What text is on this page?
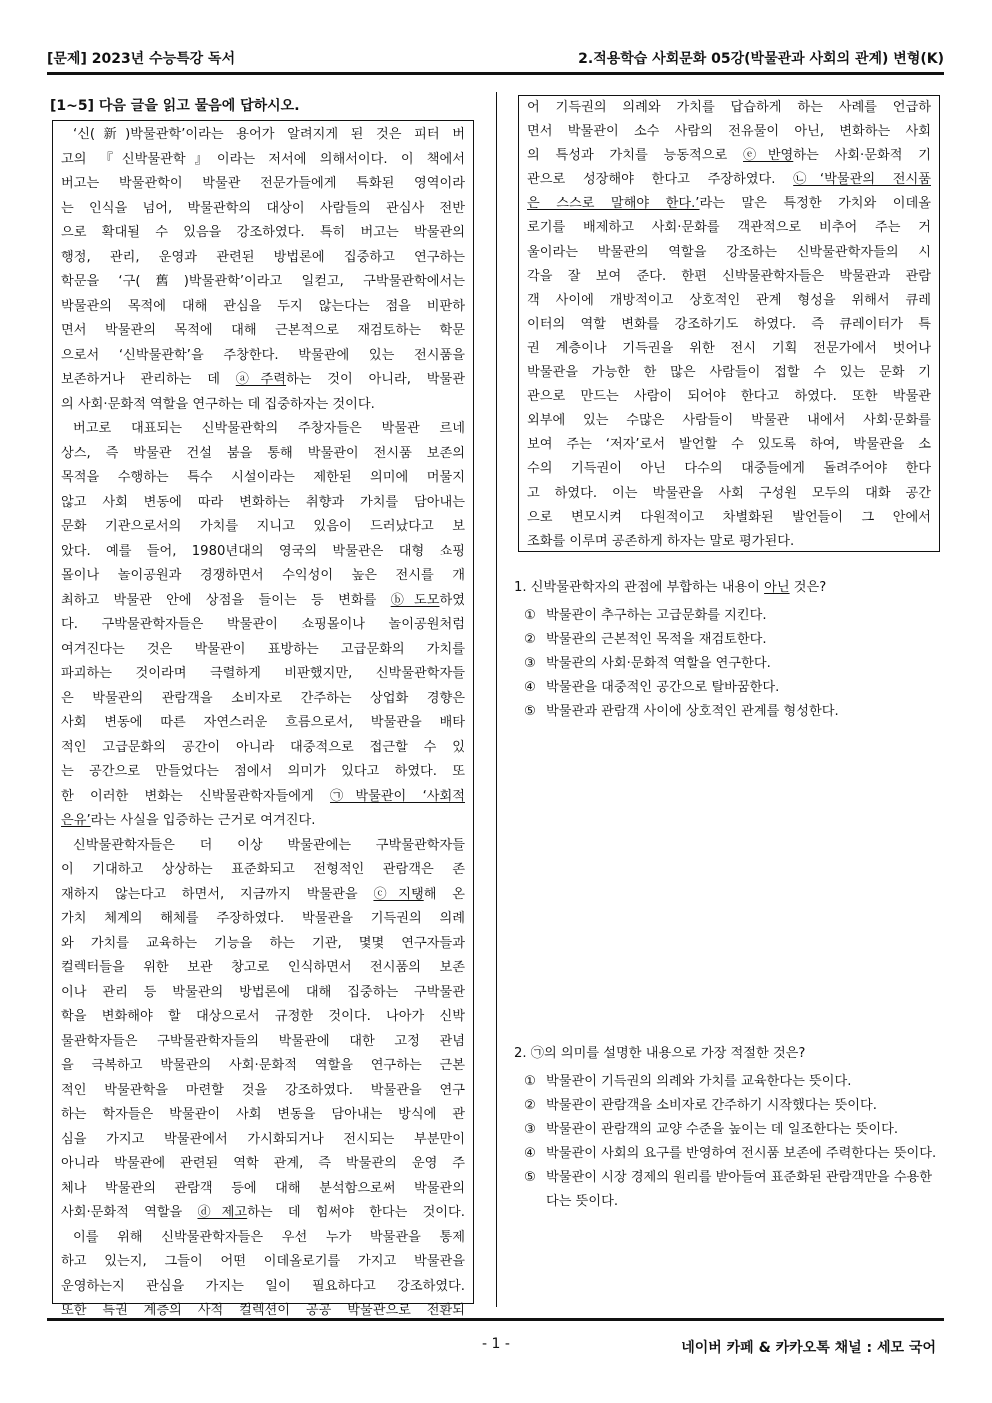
[문제] 2023년 수능특강 독서	2.적용학습 사회문화 05강(박물관과 사회의 관계) 변형(K)
[1~5] 다음 글을 읽고 물음에 답하시오.
‘신(新)박물관학’이라는 용어가 알려지게 된 것은 피터 버
고의 『신박물관학』이라는 저서에 의해서이다. 이 책에서
버고는 박물관학이 박물관 전문가들에게 특화된 영역이라
는 인식을 넘어, 박물관학의 대상이 사람들의 관심사 전반
으로 확대될 수 있음을 강조하였다. 특히 버고는 박물관의
행정, 관리, 운영과 관련된 방법론에 집중하고 연구하는
학문을 ‘구(舊)박물관학’이라고 일컫고, 구박물관학에서는
박물관의 목적에 대해 관심을 두지 않는다는 점을 비판하
면서 박물관의 목적에 대해 근본적으로 재검토하는 학문
으로서 ‘신박물관학’을 주창한다. 박물관에 있는 전시품을
보존하거나 관리하는 데 ⓐ주력하는 것이 아니라, 박물관
의 사회·문화적 역할을 연구하는 데 집중하자는 것이다.
버고로 대표되는 신박물관학의 주창자들은 박물관 르네
상스, 즉 박물관 건설 붐을 통해 박물관이 전시품 보존의
목적을 수행하는 특수 시설이라는 제한된 의미에 머물지
않고 사회 변동에 따라 변화하는 취향과 가치를 담아내는
문화 기관으로서의 가치를 지니고 있음이 드러났다고 보
았다. 예를 들어, 1980년대의 영국의 박물관은 대형 쇼핑
몰이나 놀이공원과 경쟁하면서 수익성이 높은 전시를 개
최하고 박물관 안에 상점을 들이는 등 변화를 ⓑ도모하였
다. 구박물관학자들은 박물관이 쇼핑몰이나 놀이공원처럼
여겨진다는 것은 박물관이 표방하는 고급문화의 가치를
파괴하는 것이라며 극렬하게 비판했지만, 신박물관학자들
은 박물관의 관람객을 소비자로 간주하는 상업화 경향은
사회 변동에 따른 자연스러운 흐름으로서, 박물관을 배타
적인 고급문화의 공간이 아니라 대중적으로 접근할 수 있
는 공간으로 만들었다는 점에서 의미가 있다고 하였다. 또
한 이러한 변화는 신박물관학자들에게 ㉠박물관이 ‘사회적
은유’라는 사실을 입증하는 근거로 여겨진다.
신박물관학자들은 더 이상 박물관에는 구박물관학자들
이 기대하고 상상하는 표준화되고 전형적인 관람객은 존
재하지 않는다고 하면서, 지금까지 박물관을 ⓒ지탱해 온
가치 체계의 해체를 주장하였다. 박물관을 기득권의 의례
와 가치를 교육하는 기능을 하는 기관, 몇몇 연구자들과
컬렉터들을 위한 보관 창고로 인식하면서 전시품의 보존
이나 관리 등 박물관의 방법론에 대해 집중하는 구박물관
학을 변화해야 할 대상으로서 규정한 것이다. 나아가 신박
물관학자들은 구박물관학자들의 박물관에 대한 고정 관념
을 극복하고 박물관의 사회·문화적 역할을 연구하는 근본
적인 박물관학을 마련할 것을 강조하였다. 박물관을 연구
하는 학자들은 박물관이 사회 변동을 담아내는 방식에 관
심을 가지고 박물관에서 가시화되거나 전시되는 부분만이
아니라 박물관에 관련된 역학 관계, 즉 박물관의 운영 주
체나 박물관의 관람객 등에 대해 분석함으로써 박물관의
사회·문화적 역할을 ⓓ제고하는 데 힘써야 한다는 것이다.
이를 위해 신박물관학자들은 우선 누가 박물관을 통제
하고 있는지, 그들이 어떤 이데올로기를 가지고 박물관을
운영하는지 관심을 가지는 일이 필요하다고 강조하였다.
또한 특권 계층의 사적 컬렉션이 공공 박물관으로 전환되
어 기득권의 의례와 가치를 답습하게 하는 사례를 언급하
면서 박물관이 소수 사람의 전유물이 아닌, 변화하는 사회
의 특성과 가치를 능동적으로 ⓔ반영하는 사회·문화적 기
관으로 성장해야 한다고 주장하였다. ㉡‘박물관의 전시품
은 스스로 말해야 한다.’라는 말은 특정한 가치와 이데올
로기를 배제하고 사회·문화를 객관적으로 비추어 주는 거
울이라는 박물관의 역할을 강조하는 신박물관학자들의 시
각을 잘 보여 준다. 한편 신박물관학자들은 박물관과 관람
객 사이에 개방적이고 상호적인 관계 형성을 위해서 큐레
이터의 역할 변화를 강조하기도 하였다. 즉 큐레이터가 특
권 계층이나 기득권을 위한 전시 기획 전문가에서 벗어나
박물관을 가능한 한 많은 사람들이 접할 수 있는 문화 기
관으로 만드는 사람이 되어야 한다고 하였다. 또한 박물관
외부에 있는 수많은 사람들이 박물관 내에서 사회·문화를
보여 주는 ‘저자’로서 발언할 수 있도록 하여, 박물관을 소
수의 기득권이 아닌 다수의 대중들에게 돌려주어야 한다
고 하였다. 이는 박물관을 사회 구성원 모두의 대화 공간
으로 변모시켜 다원적이고 차별화된 발언들이 그 안에서
조화를 이루며 공존하게 하자는 말로 평가된다.
1. 신박물관학자의 관점에 부합하는 내용이 아닌 것은?
① 박물관이 추구하는 고급문화를 지킨다.
② 박물관의 근본적인 목적을 재검토한다.
③ 박물관의 사회·문화적 역할을 연구한다.
④ 박물관을 대중적인 공간으로 탈바꿈한다.
⑤ 박물관과 관람객 사이에 상호적인 관계를 형성한다.
2. ㉠의 의미를 설명한 내용으로 가장 적절한 것은?
① 박물관이 기득권의 의례와 가치를 교육한다는 뜻이다.
② 박물관이 관람객을 소비자로 간주하기 시작했다는 뜻이다.
③ 박물관이 관람객의 교양 수준을 높이는 데 일조한다는 뜻이다.
④ 박물관이 사회의 요구를 반영하여 전시품 보존에 주력한다는 뜻이다.
⑤ 박물관이 시장 경제의 원리를 받아들여 표준화된 관람객만을 수용한다는 뜻이다.
- 1 -	네이버 카페 & 카카오톡 채널 : 세모 국어
